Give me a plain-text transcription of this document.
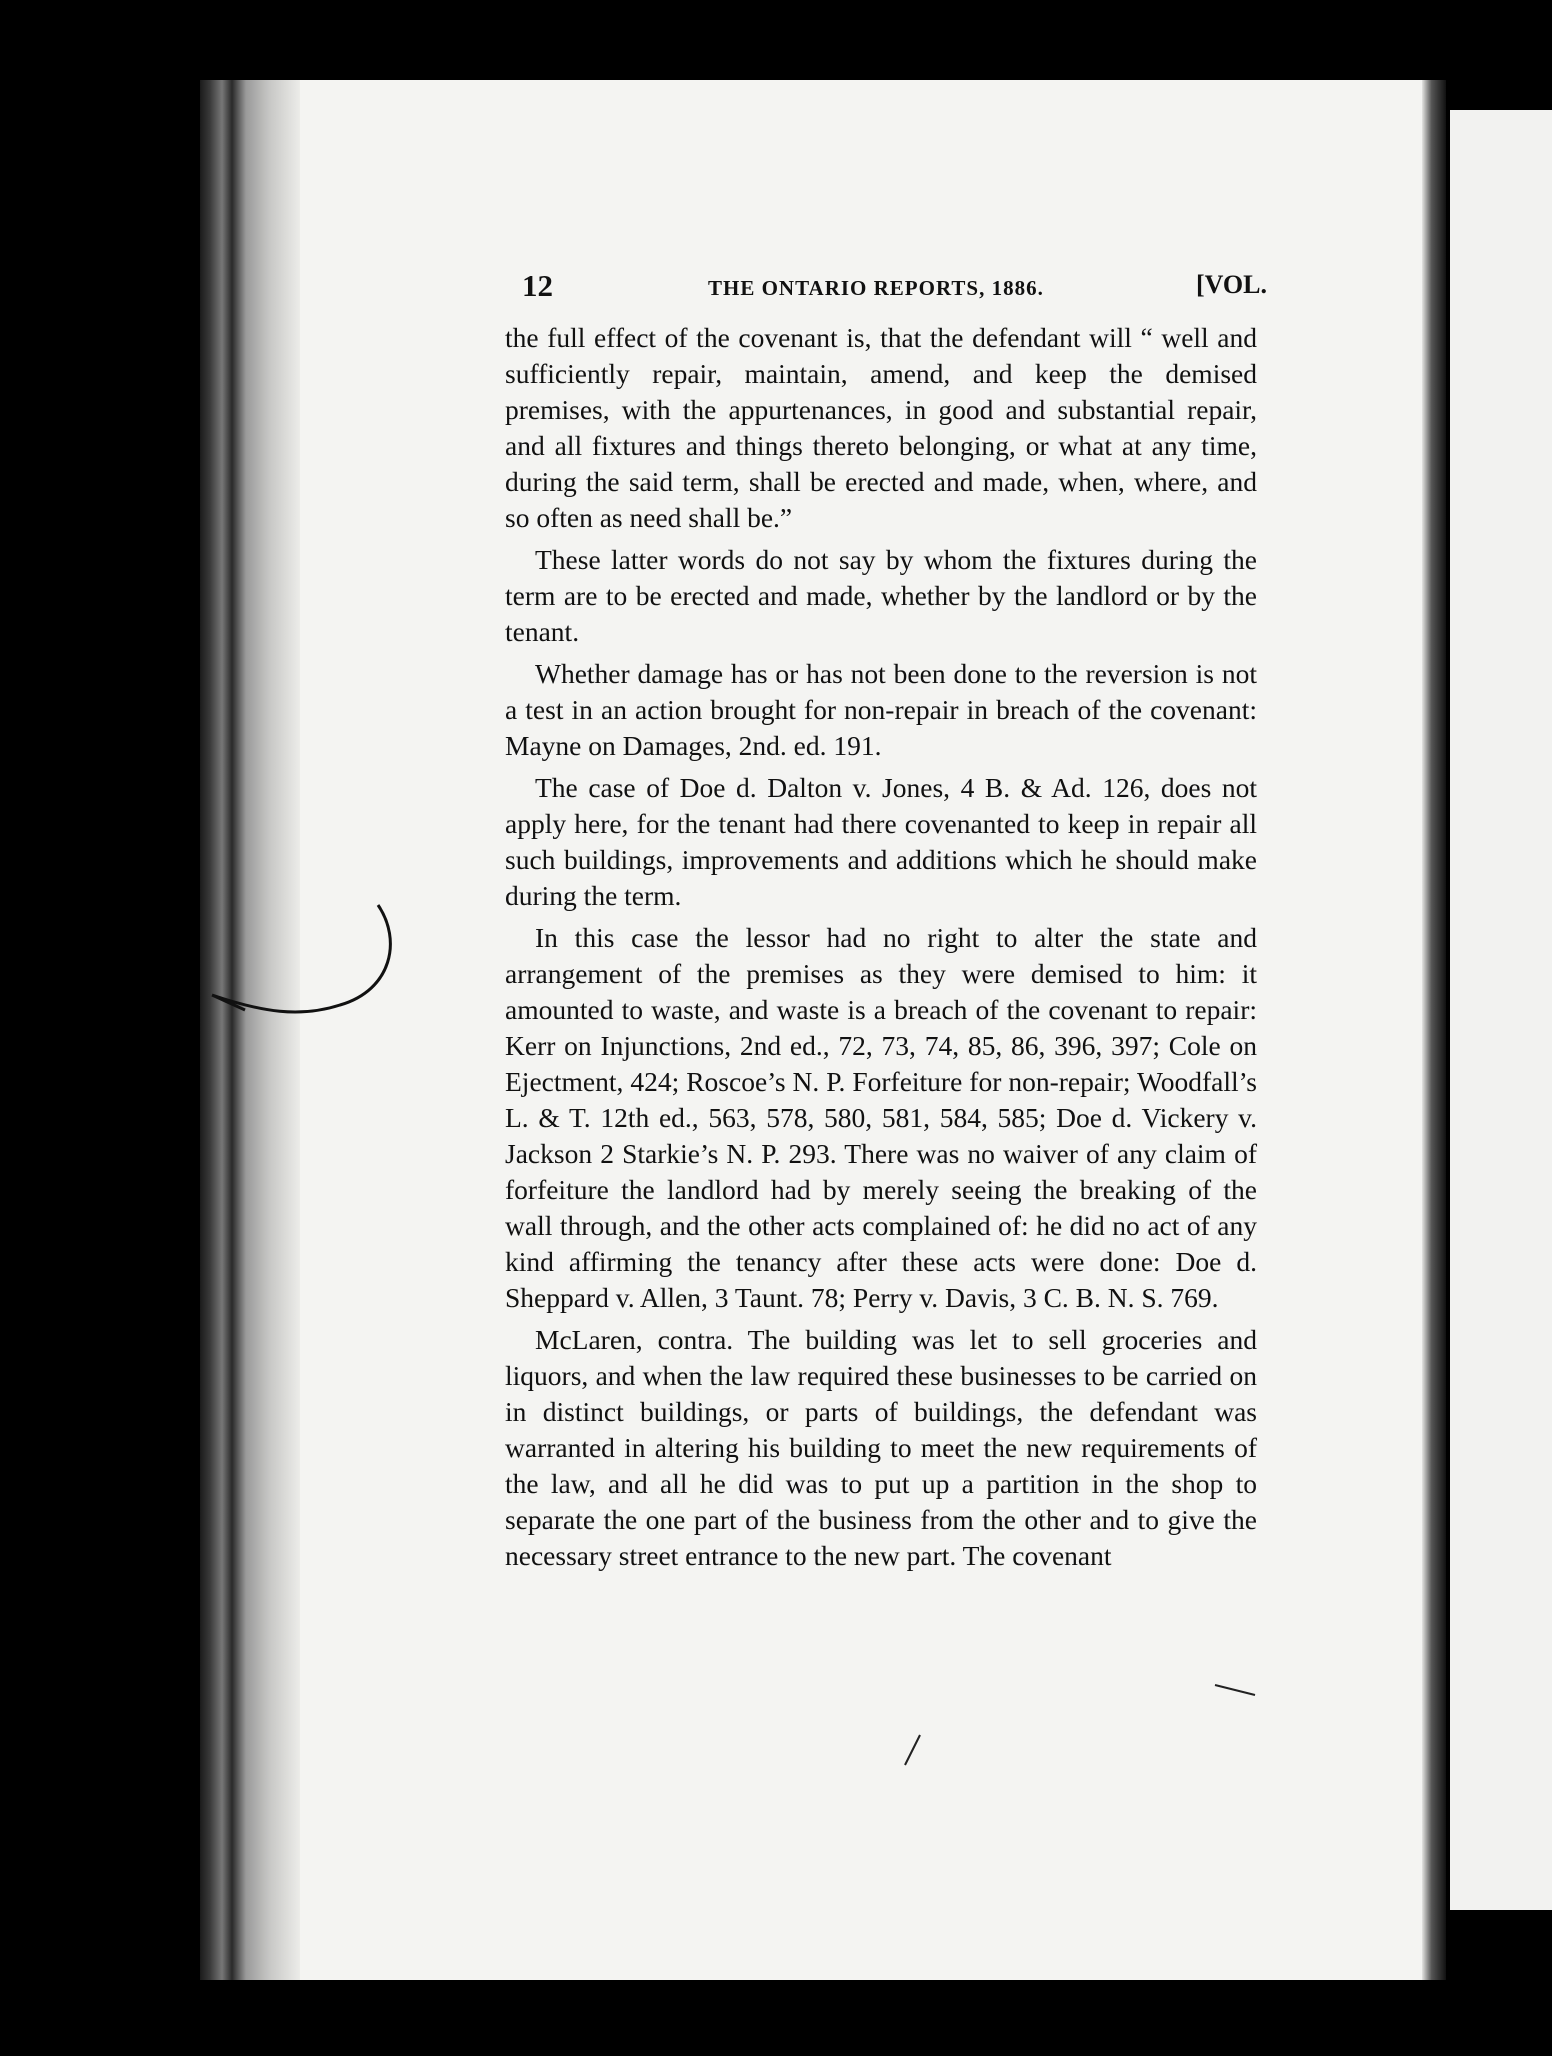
12	THE ONTARIO REPORTS, 1886.	[VOL.

the full effect of the covenant is, that the defendant will “ well and sufficiently repair, maintain, amend, and keep the demised premises, with the appurtenances, in good and substantial repair, and all fixtures and things thereto belonging, or what at any time, during the said term, shall be erected and made, when, where, and so often as need shall be.”

These latter words do not say by whom the fixtures during the term are to be erected and made, whether by the landlord or by the tenant.

Whether damage has or has not been done to the reversion is not a test in an action brought for non-repair in breach of the covenant: Mayne on Damages, 2nd. ed. 191.

The case of Doe d. Dalton v. Jones, 4 B. & Ad. 126, does not apply here, for the tenant had there covenanted to keep in repair all such buildings, improvements and additions which he should make during the term.

In this case the lessor had no right to alter the state and arrangement of the premises as they were demised to him: it amounted to waste, and waste is a breach of the covenant to repair: Kerr on Injunctions, 2nd ed., 72, 73, 74, 85, 86, 396, 397; Cole on Ejectment, 424; Roscoe’s N. P. Forfeiture for non-repair; Woodfall’s L. & T. 12th ed., 563, 578, 580, 581, 584, 585; Doe d. Vickery v. Jackson 2 Starkie’s N. P. 293. There was no waiver of any claim of forfeiture the landlord had by merely seeing the breaking of the wall through, and the other acts complained of: he did no act of any kind affirming the tenancy after these acts were done: Doe d. Sheppard v. Allen, 3 Taunt. 78; Perry v. Davis, 3 C. B. N. S. 769.

McLaren, contra. The building was let to sell groceries and liquors, and when the law required these businesses to be carried on in distinct buildings, or parts of buildings, the defendant was warranted in altering his building to meet the new requirements of the law, and all he did was to put up a partition in the shop to separate the one part of the business from the other and to give the necessary street entrance to the new part. The covenant
